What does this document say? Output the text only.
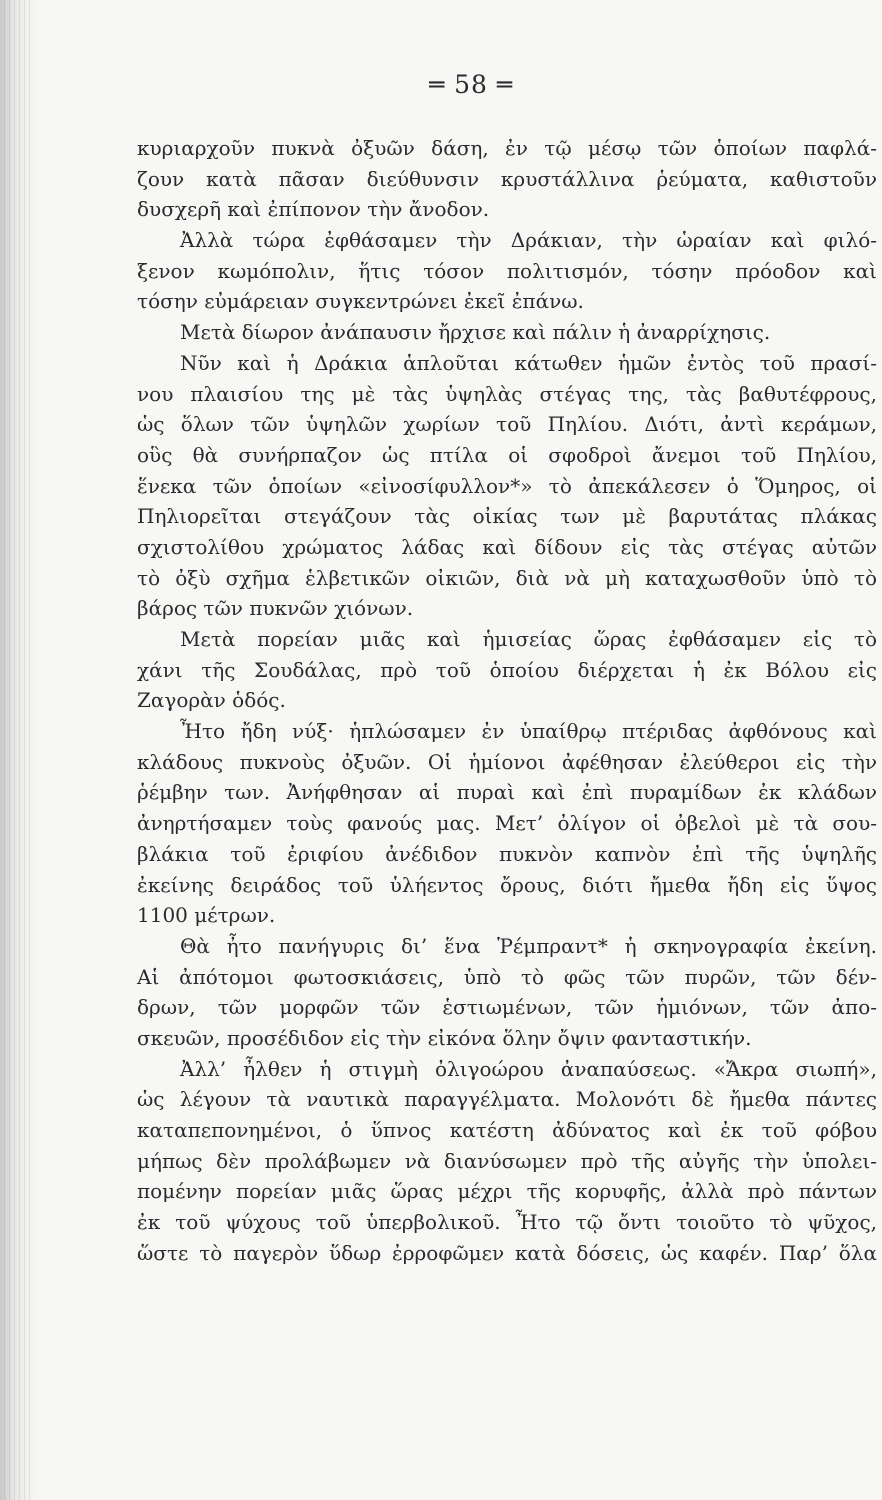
═ 58 ═
κυριαρχοῦν πυκνὰ ὀξυῶν δάση, ἐν τῷ μέσῳ τῶν ὁποίων παφλά-
ζουν κατὰ πᾶσαν διεύθυνσιν κρυστάλλινα ῥεύματα, καθιστοῦν
δυσχερῆ καὶ ἐπίπονον τὴν ἄνοδον.
Ἀλλὰ τώρα ἐφθάσαμεν τὴν Δράκιαν, τὴν ὡραίαν καὶ φιλό-
ξενον κωμόπολιν, ἥτις τόσον πολιτισμόν, τόσην πρόοδον καὶ
τόσην εὐμάρειαν συγκεντρώνει ἐκεῖ ἐπάνω.
Μετὰ δίωρον ἀνάπαυσιν ἤρχισε καὶ πάλιν ἡ ἀναρρίχησις.
Νῦν καὶ ἡ Δράκια ἁπλοῦται κάτωθεν ἡμῶν ἐντὸς τοῦ πρασί-
νου πλαισίου της μὲ τὰς ὑψηλὰς στέγας της, τὰς βαθυτέφρους,
ὡς ὅλων τῶν ὑψηλῶν χωρίων τοῦ Πηλίου. Διότι, ἀντὶ κεράμων,
οὓς θὰ συνήρπαζον ὡς πτίλα οἱ σφοδροὶ ἄνεμοι τοῦ Πηλίου,
ἕνεκα τῶν ὁποίων «εἰνοσίφυλλον*» τὸ ἀπεκάλεσεν ὁ Ὅμηρος, οἱ
Πηλιορεῖται στεγάζουν τὰς οἰκίας των μὲ βαρυτάτας πλάκας
σχιστολίθου χρώματος λάδας καὶ δίδουν εἰς τὰς στέγας αὐτῶν
τὸ ὀξὺ σχῆμα ἑλβετικῶν οἰκιῶν, διὰ νὰ μὴ καταχωσθοῦν ὑπὸ τὸ
βάρος τῶν πυκνῶν χιόνων.
Μετὰ πορείαν μιᾶς καὶ ἡμισείας ὥρας ἐφθάσαμεν εἰς τὸ
χάνι τῆς Σουδάλας, πρὸ τοῦ ὁποίου διέρχεται ἡ ἐκ Βόλου εἰς
Ζαγορὰν ὁδός.
Ἦτο ἤδη νύξ· ἡπλώσαμεν ἐν ὑπαίθρῳ πτέριδας ἀφθόνους καὶ
κλάδους πυκνοὺς ὀξυῶν. Οἱ ἡμίονοι ἀφέθησαν ἐλεύθεροι εἰς τὴν
ῥέμβην των. Ἀνήφθησαν αἱ πυραὶ καὶ ἐπὶ πυραμίδων ἐκ κλάδων
ἀνηρτήσαμεν τοὺς φανούς μας. Μετ’ ὀλίγον οἱ ὀβελοὶ μὲ τὰ σου-
βλάκια τοῦ ἐριφίου ἀνέδιδον πυκνὸν καπνὸν ἐπὶ τῆς ὑψηλῆς
ἐκείνης δειράδος τοῦ ὑλήεντος ὄρους, διότι ἤμεθα ἤδη εἰς ὕψος
1100 μέτρων.
Θὰ ἦτο πανήγυρις δι’ ἕνα Ῥέμπραντ* ἡ σκηνογραφία ἐκείνη.
Αἱ ἀπότομοι φωτοσκιάσεις, ὑπὸ τὸ φῶς τῶν πυρῶν, τῶν δέν-
δρων, τῶν μορφῶν τῶν ἑστιωμένων, τῶν ἡμιόνων, τῶν ἀπο-
σκευῶν, προσέδιδον εἰς τὴν εἰκόνα ὅλην ὄψιν φανταστικήν.
Ἀλλ’ ἦλθεν ἡ στιγμὴ ὀλιγοώρου ἀναπαύσεως. «Ἄκρα σιωπή»,
ὡς λέγουν τὰ ναυτικὰ παραγγέλματα. Μολονότι δὲ ἤμεθα πάντες
καταπεπονημένοι, ὁ ὕπνος κατέστη ἀδύνατος καὶ ἐκ τοῦ φόβου
μήπως δὲν προλάβωμεν νὰ διανύσωμεν πρὸ τῆς αὐγῆς τὴν ὑπολει-
πομένην πορείαν μιᾶς ὥρας μέχρι τῆς κορυφῆς, ἀλλὰ πρὸ πάντων
ἐκ τοῦ ψύχους τοῦ ὑπερβολικοῦ. Ἦτο τῷ ὄντι τοιοῦτο τὸ ψῦχος,
ὥστε τὸ παγερὸν ὕδωρ ἐρροφῶμεν κατὰ δόσεις, ὡς καφέν. Παρ’ ὅλα
